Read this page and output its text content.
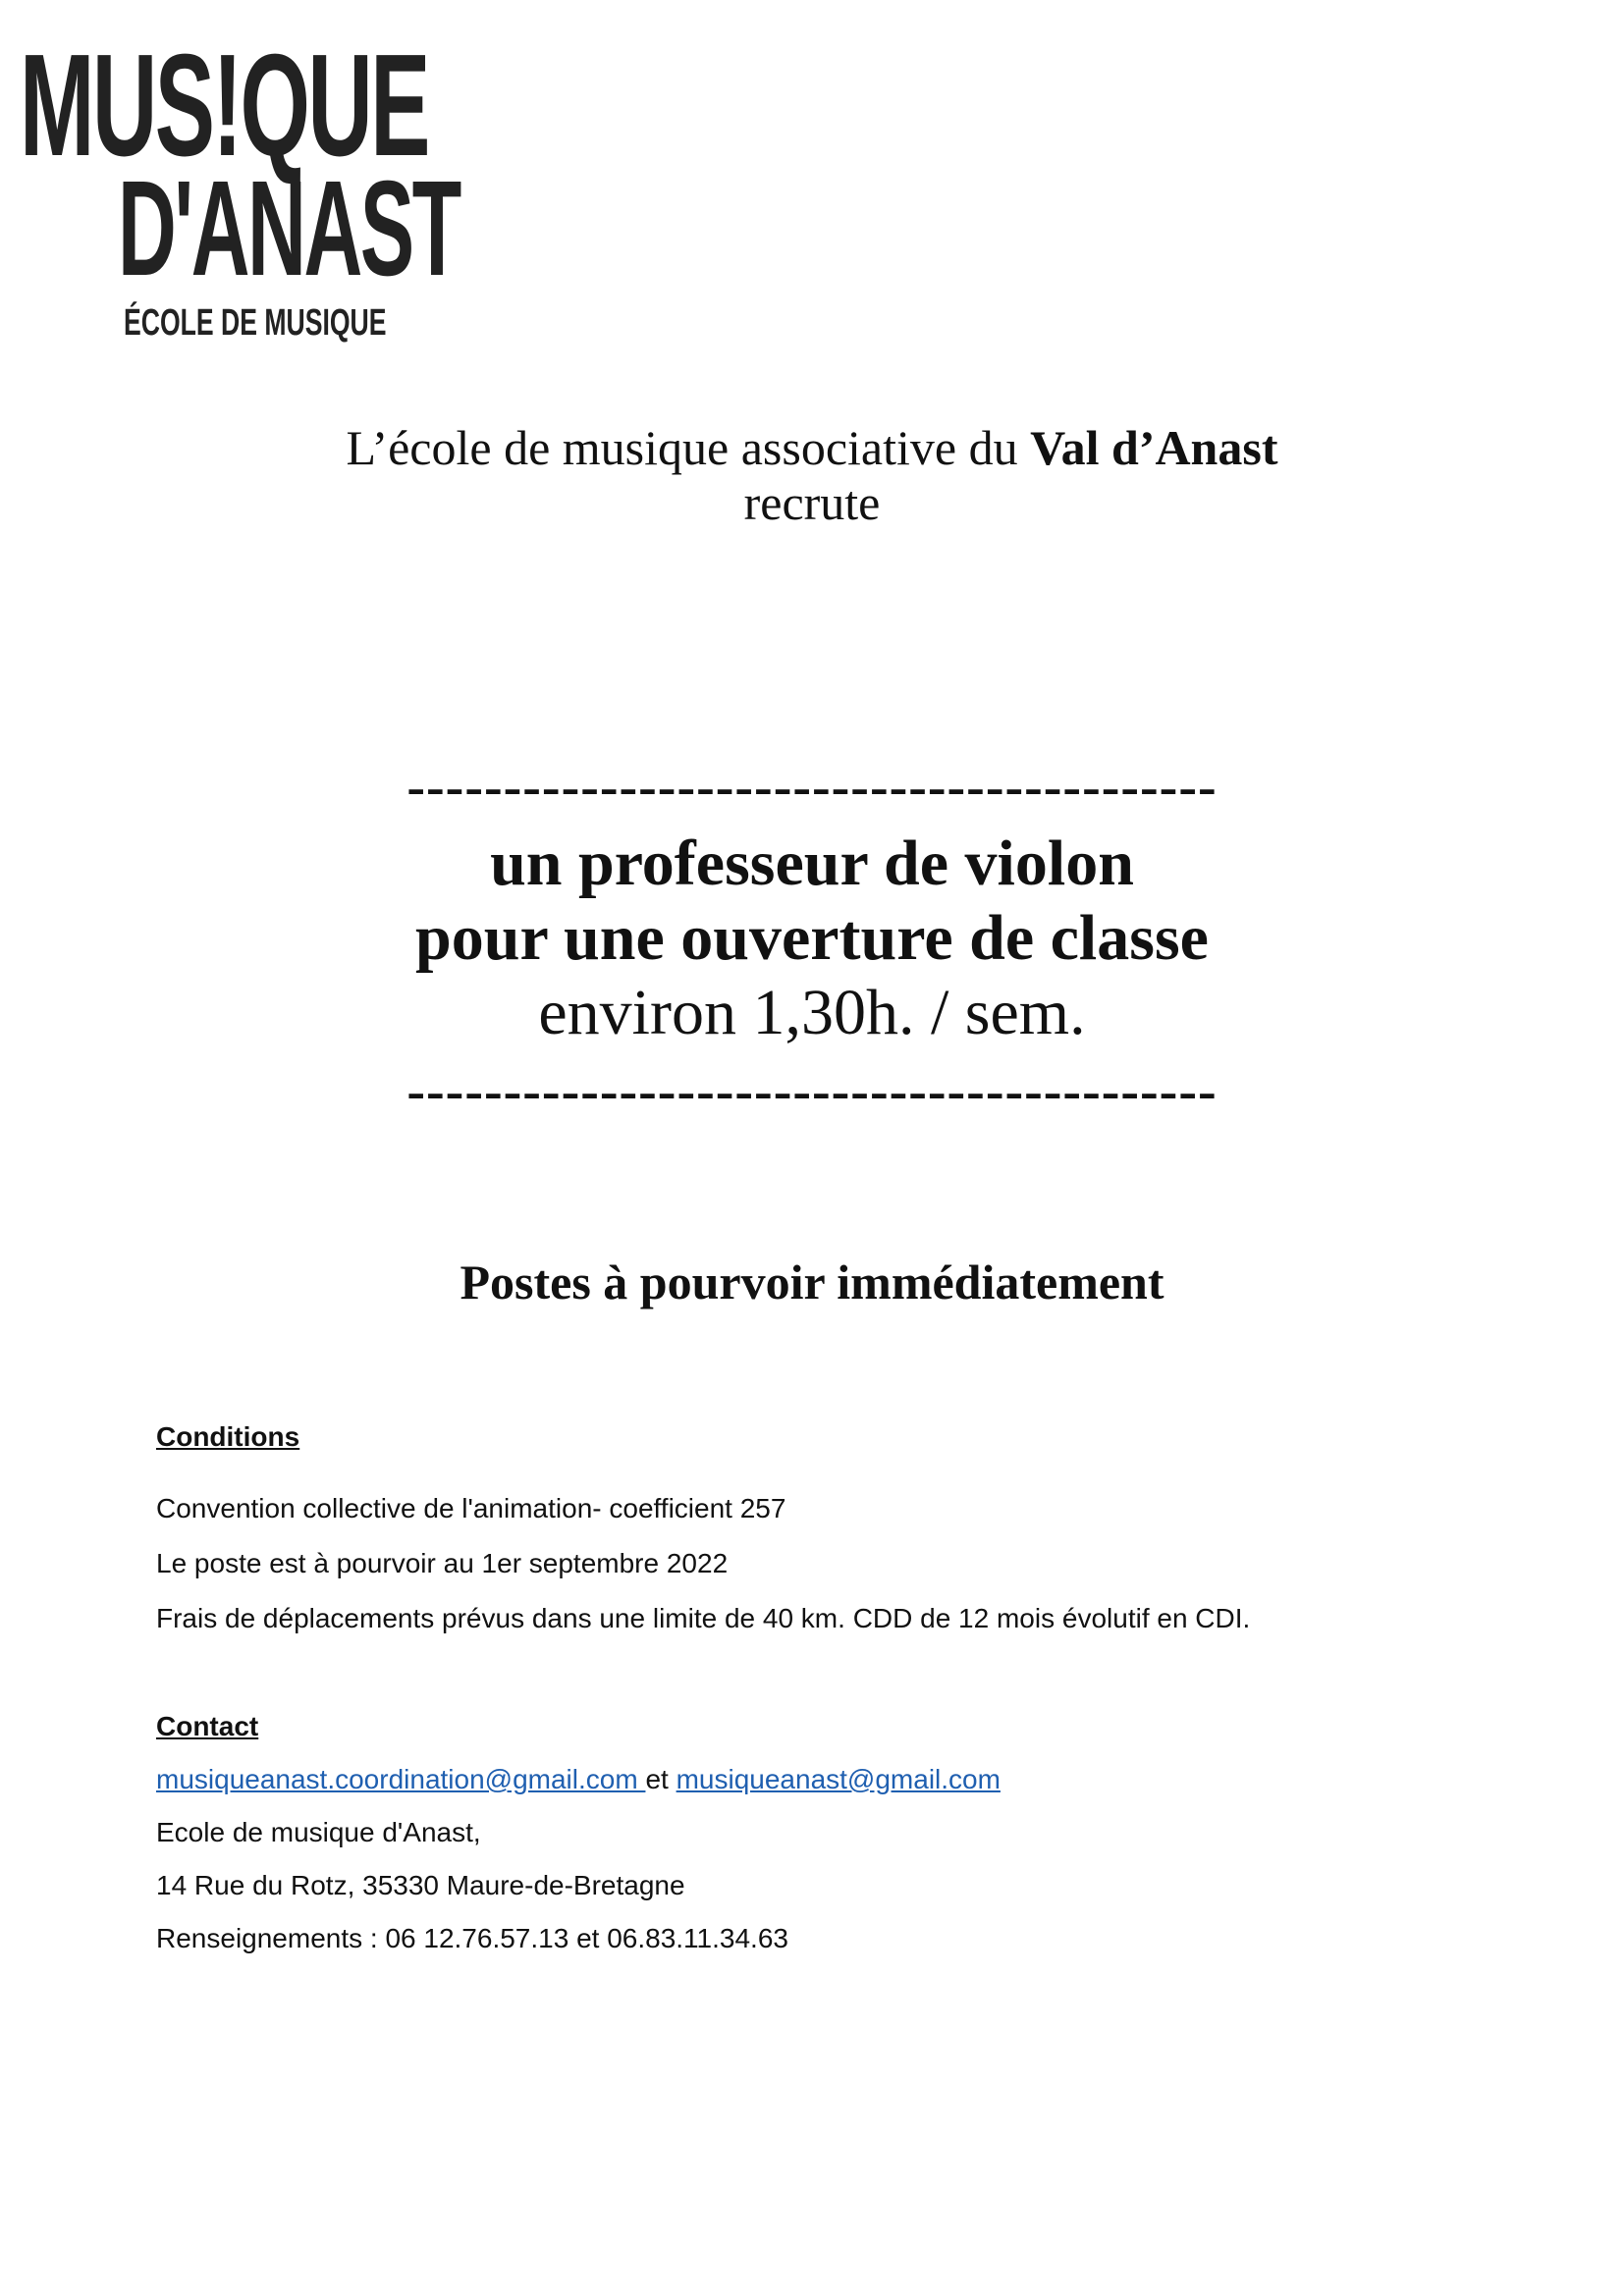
MUS!QUE
D'ANAST
ÉCOLE DE MUSIQUE
L’école de musique associative du Val d’Anast
recrute
------------------------------------------
un professeur de violon
pour une ouverture de classe
environ 1,30h. / sem.
------------------------------------------
Postes à pourvoir immédiatement
Conditions
Convention collective de l'animation- coefficient 257
Le poste est à pourvoir au 1er septembre 2022
Frais de déplacements prévus dans une limite de 40 km. CDD de 12 mois évolutif en CDI.
Contact
musiqueanast.coordination@gmail.com et musiqueanast@gmail.com
Ecole de musique d'Anast,
14 Rue du Rotz, 35330 Maure-de-Bretagne
Renseignements : 06 12.76.57.13 et 06.83.11.34.63
